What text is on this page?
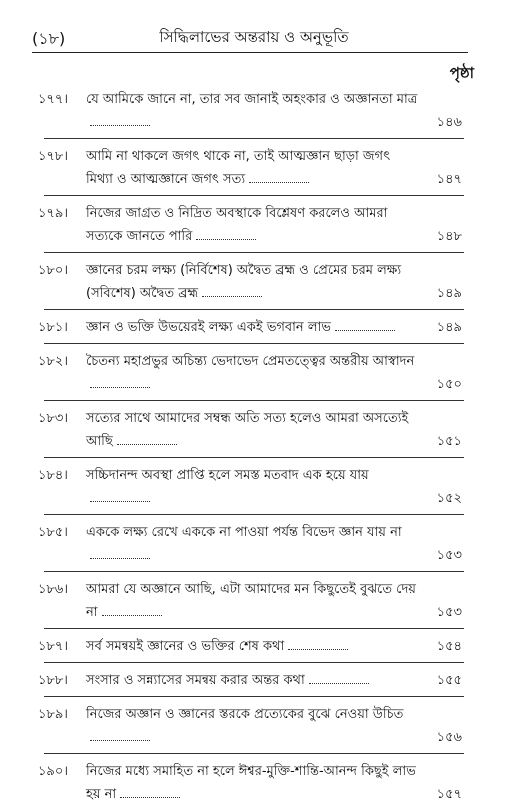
(১৮)	সিদ্ধিলাভের অন্তরায় ও অনুভূতি
পৃষ্ঠা
১৭৭। যে আমিকে জানে না, তার সব জানাই অহংকার ও অজ্ঞানতা মাত্র
১৪৬
১৭৮। আমি না থাকলে জগৎ থাকে না, তাই আত্মজ্ঞান ছাড়া জগৎ মিথ্যা ও আত্মজ্ঞানে জগৎ সত্য	১৪৭
১৭৯। নিজের জাগ্রত ও নিদ্রিত অবস্থাকে বিশ্লেষণ করলেও আমরা সত্যকে জানতে পারি	১৪৮
১৮০। জ্ঞানের চরম লক্ষ্য (নির্বিশেষ) অদ্বৈত ব্রহ্ম ও প্রেমের চরম লক্ষ্য (সবিশেষ) অদ্বৈত ব্রহ্ম	১৪৯
১৮১। জ্ঞান ও ভক্তি উভয়েরই লক্ষ্য একই ভগবান লাভ	১৪৯
১৮২। চৈতন্য মহাপ্রভুর অচিন্ত্য ভেদাভেদ প্রেমতত্ত্বের অন্তরীয় আস্বাদন
১৫০
১৮৩। সত্যের সাথে আমাদের সম্বন্ধ অতি সত্য হলেও আমরা অসত্যেই আছি	১৫১
১৮৪। সচ্চিদানন্দ অবস্থা প্রাপ্তি হলে সমস্ত মতবাদ এক হয়ে যায়
১৫২
১৮৫। এককে লক্ষ্য রেখে এককে না পাওয়া পর্যন্ত বিভেদ জ্ঞান যায় না
১৫৩
১৮৬। আমরা যে অজ্ঞানে আছি, এটা আমাদের মন কিছুতেই বুঝতে দেয় না	১৫৩
১৮৭। সর্ব সমন্বয়ই জ্ঞানের ও ভক্তির শেষ কথা	১৫৪
১৮৮। সংসার ও সন্ন্যাসের সমন্বয় করার অন্তর কথা	১৫৫
১৮৯। নিজের অজ্ঞান ও জ্ঞানের স্তরকে প্রত্যেকের বুঝে নেওয়া উচিত
১৫৬
১৯০। নিজের মধ্যে সমাহিত না হলে ঈশ্বর-মুক্তি-শান্তি-আনন্দ কিছুই লাভ হয় না	১৫৭
